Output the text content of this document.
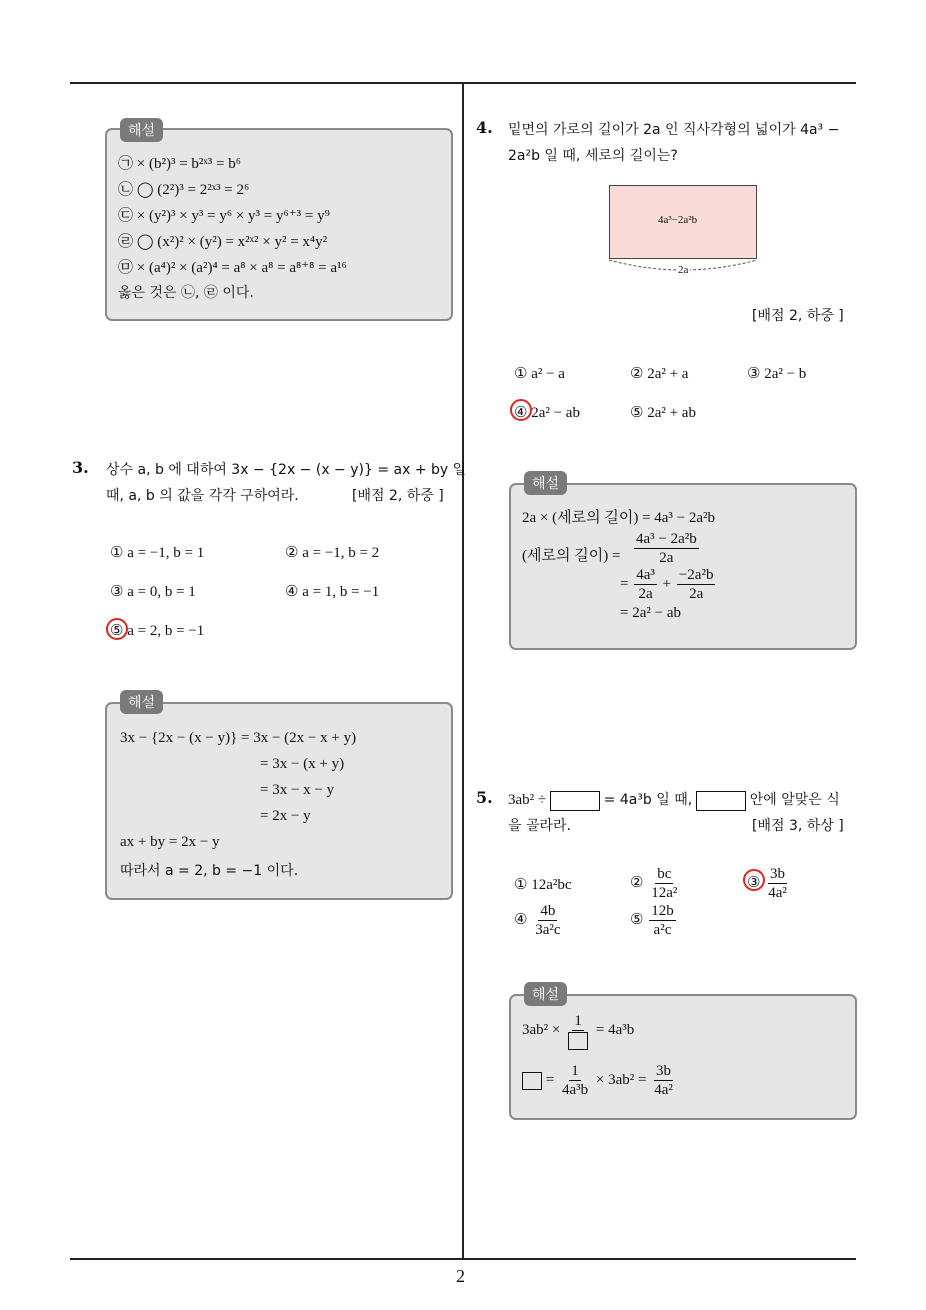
2
해설
㉠ × (b²)³ = b²ˣ³ = b⁶
㉡ ◯ (2²)³ = 2²ˣ³ = 2⁶
㉢ × (y²)³ × y³ = y⁶ × y³ = y⁶⁺³ = y⁹
㉣ ◯ (x²)² × (y²) = x²ˣ² × y² = x⁴y²
㉤ × (a⁴)² × (a²)⁴ = a⁸ × a⁸ = a⁸⁺⁸ = a¹⁶
옳은 것은 ㉡, ㉣ 이다.
3. 상수 a, b 에 대하여 3x − {2x − (x − y)} = ax + by 일
때, a, b 의 값을 각각 구하여라.	[배점 2, 하중 ]
① a = −1, b = 1	② a = −1, b = 2
③ a = 0, b = 1	④ a = 1, b = −1
⑤ a = 2, b = −1
해설
3x − {2x − (x − y)} = 3x − (2x − x + y)
= 3x − (x + y)
= 3x − x − y
= 2x − y
ax + by = 2x − y
따라서 a = 2, b = −1 이다.
4. 밑면의 가로의 길이가 2a 인 직사각형의 넓이가 4a³ −
2a²b 일 때, 세로의 길이는?
4a³−2a²b
2a
[배점 2, 하중 ]
① a² − a	② 2a² + a	③ 2a² − b
④ 2a² − ab	⑤ 2a² + ab
해설
2a × (세로의 길이) = 4a³ − 2a²b
(세로의 길이) = $\frac{\text{4a³ − 2a²b}}{2a}$
= $\frac{\text{4a³}}{2a} + \frac{\text{−2a²b}}{2a}$
= 2a² − ab
5. 3ab² ÷	= 4a³b 일 때,	안에 알맞은 식
을 골라라.	[배점 3, 하상 ]
① 12a²bc	② $\frac{bc}{\text{12a²}}$	③ $\frac{3b}{\text{4a²}}$
④ $\frac{4b}{\text{3a²c}}$	⑤ $\frac{12b}{\text{a²c}}$
해설
3ab² ×
1
= 4a³b
= $\frac{1}{\text{4a³b}} \times 3ab^2 = \frac{3b}{\text{4a²}}$
